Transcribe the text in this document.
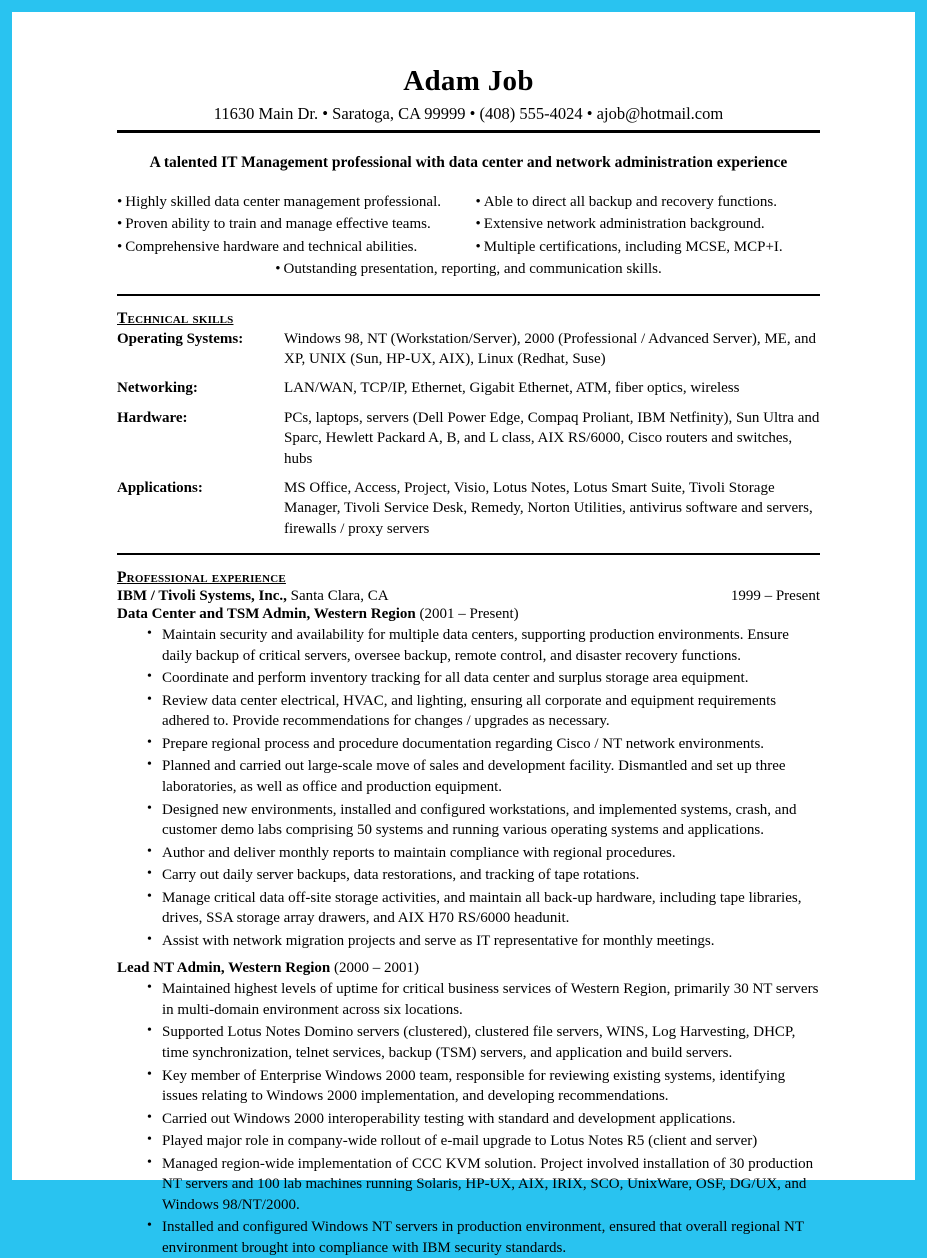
Adam Job
11630 Main Dr. • Saratoga, CA 99999 • (408) 555-4024 • ajob@hotmail.com
A talented IT Management professional with data center and network administration experience
• Highly skilled data center management professional.
• Proven ability to train and manage effective teams.
• Comprehensive hardware and technical abilities.
• Able to direct all backup and recovery functions.
• Extensive network administration background.
• Multiple certifications, including MCSE, MCP+I.
• Outstanding presentation, reporting, and communication skills.
Technical skills
Operating Systems:	Windows 98, NT (Workstation/Server), 2000 (Professional / Advanced Server), ME, and XP, UNIX (Sun, HP-UX, AIX), Linux (Redhat, Suse)
Networking:	LAN/WAN, TCP/IP, Ethernet, Gigabit Ethernet, ATM, fiber optics, wireless
Hardware:	PCs, laptops, servers (Dell Power Edge, Compaq Proliant, IBM Netfinity), Sun Ultra and Sparc, Hewlett Packard A, B, and L class, AIX RS/6000, Cisco routers and switches, hubs
Applications:	MS Office, Access, Project, Visio, Lotus Notes, Lotus Smart Suite, Tivoli Storage Manager, Tivoli Service Desk, Remedy, Norton Utilities, antivirus software and servers, firewalls / proxy servers
Professional experience
IBM / Tivoli Systems, Inc., Santa Clara, CA	1999 – Present
Data Center and TSM Admin, Western Region (2001 – Present)
• Maintain security and availability for multiple data centers, supporting production environments. Ensure daily backup of critical servers, oversee backup, remote control, and disaster recovery functions.
• Coordinate and perform inventory tracking for all data center and surplus storage area equipment.
• Review data center electrical, HVAC, and lighting, ensuring all corporate and equipment requirements adhered to. Provide recommendations for changes / upgrades as necessary.
• Prepare regional process and procedure documentation regarding Cisco / NT network environments.
• Planned and carried out large-scale move of sales and development facility. Dismantled and set up three laboratories, as well as office and production equipment.
• Designed new environments, installed and configured workstations, and implemented systems, crash, and customer demo labs comprising 50 systems and running various operating systems and applications.
• Author and deliver monthly reports to maintain compliance with regional procedures.
• Carry out daily server backups, data restorations, and tracking of tape rotations.
• Manage critical data off-site storage activities, and maintain all back-up hardware, including tape libraries, drives, SSA storage array drawers, and AIX H70 RS/6000 headunit.
• Assist with network migration projects and serve as IT representative for monthly meetings.
Lead NT Admin, Western Region (2000 – 2001)
• Maintained highest levels of uptime for critical business services of Western Region, primarily 30 NT servers in multi-domain environment across six locations.
• Supported Lotus Notes Domino servers (clustered), clustered file servers, WINS, Log Harvesting, DHCP, time synchronization, telnet services, backup (TSM) servers, and application and build servers.
• Key member of Enterprise Windows 2000 team, responsible for reviewing existing systems, identifying issues relating to Windows 2000 implementation, and developing recommendations.
• Carried out Windows 2000 interoperability testing with standard and development applications.
• Played major role in company-wide rollout of e-mail upgrade to Lotus Notes R5 (client and server)
• Managed region-wide implementation of CCC KVM solution. Project involved installation of 30 production NT servers and 100 lab machines running Solaris, HP-UX, AIX, IRIX, SCO, UnixWare, OSF, DG/UX, and Windows 98/NT/2000.
• Installed and configured Windows NT servers in production environment, ensured that overall regional NT environment brought into compliance with IBM security standards.
